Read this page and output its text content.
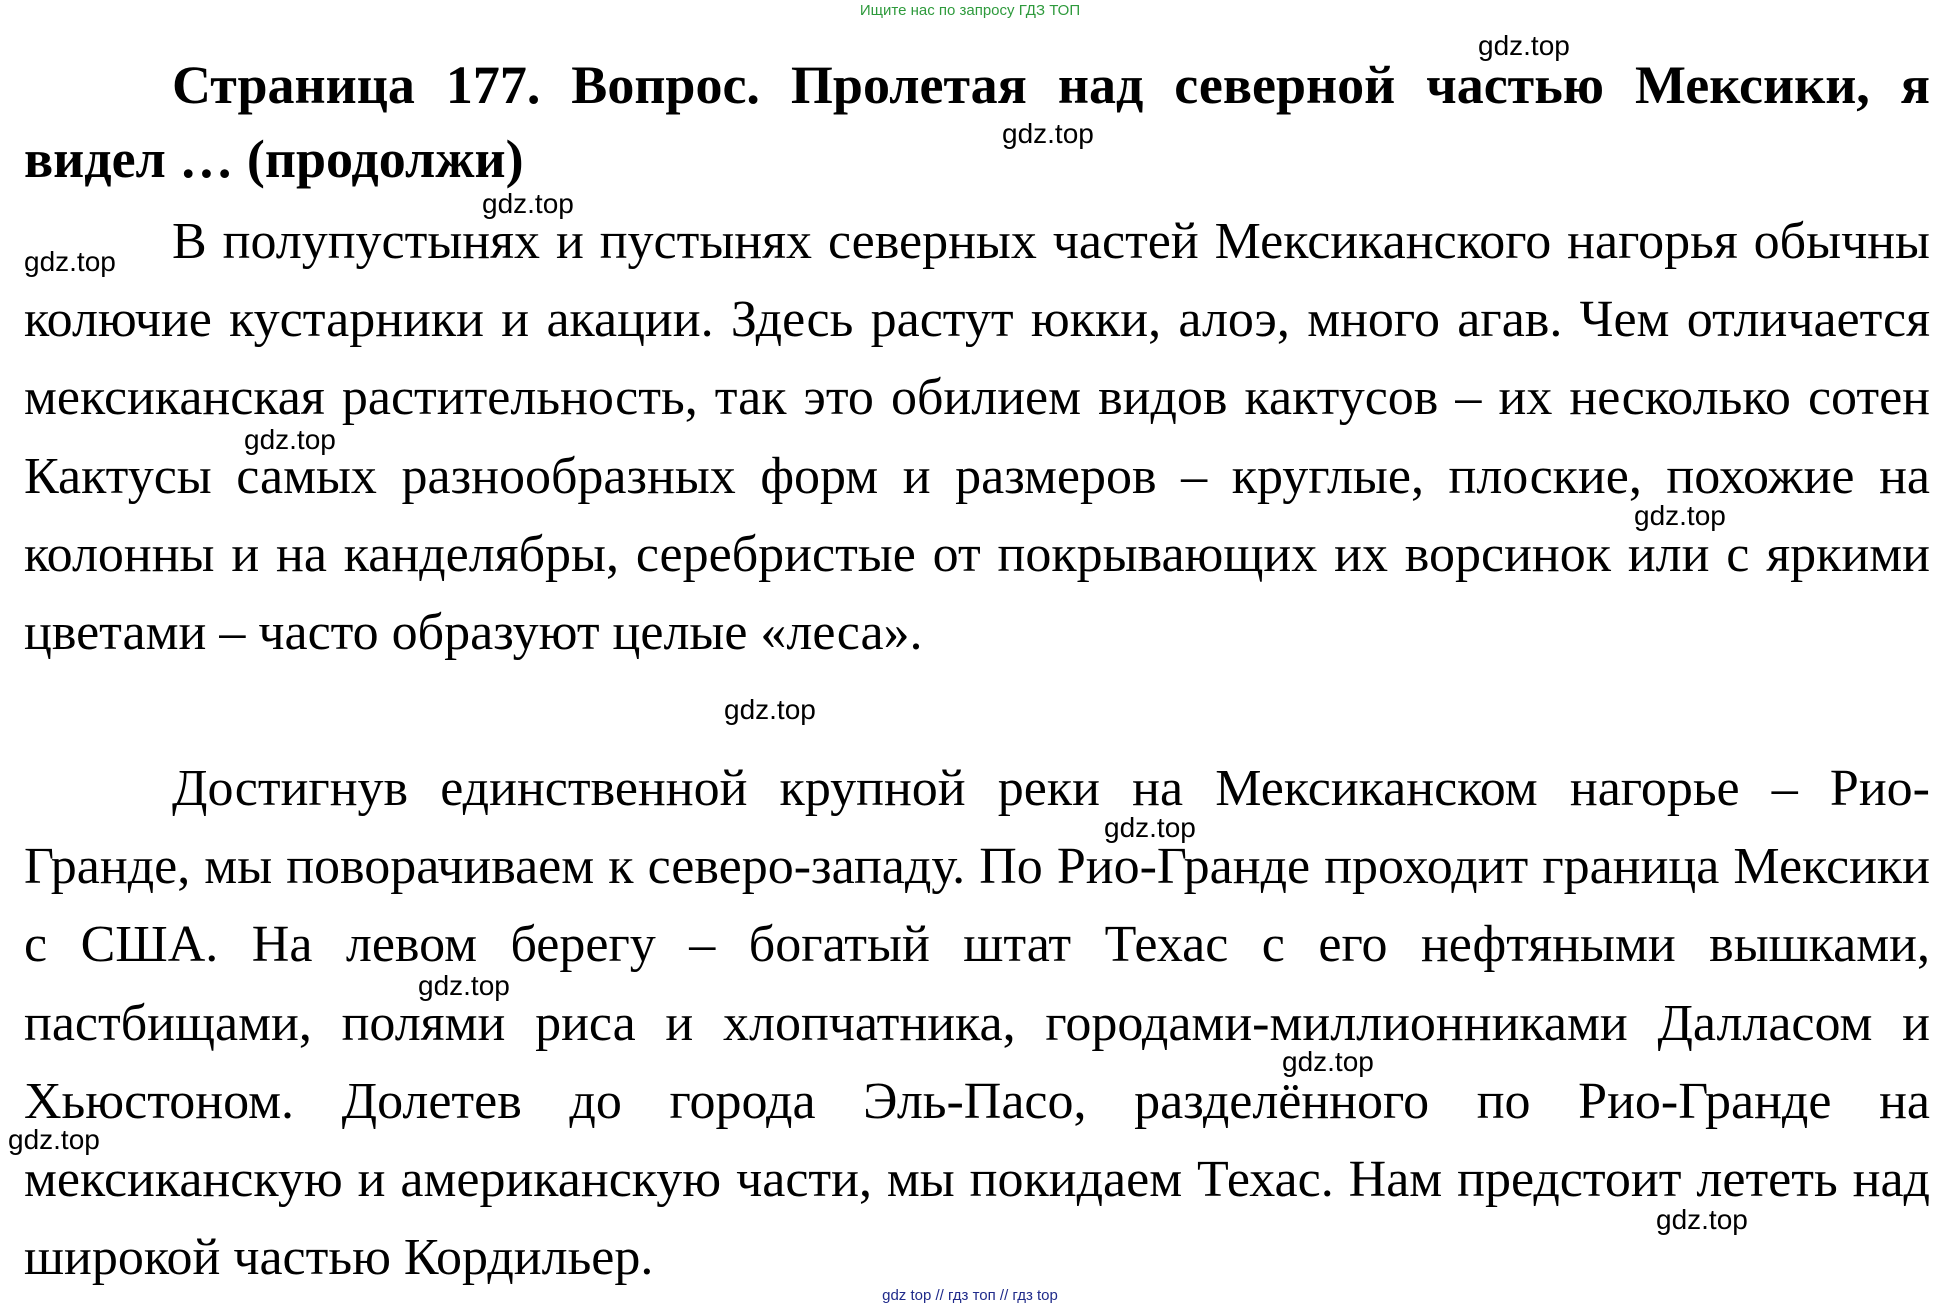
Ищите нас по запросу ГДЗ ТОП
Страница 177. Вопрос. Пролетая над северной частью Мексики, я видел … (продолжи)

В полупустынях и пустынях северных частей Мексиканского нагорья обычны колючие кустарники и акации. Здесь растут юкки, алоэ, много агав. Чем отличается мексиканская растительность, так это обилием видов кактусов – их несколько сотен Кактусы самых разнообразных форм и размеров – круглые, плоские, похожие на колонны и на канделябры, серебристые от покрывающих их ворсинок или с яркими цветами – часто образуют целые «леса».

Достигнув единственной крупной реки на Мексиканском нагорье – Рио-Гранде, мы поворачиваем к северо-западу. По Рио-Гранде проходит граница Мексики с США. На левом берегу – богатый штат Техас с его нефтяными вышками, пастбищами, полями риса и хлопчатника, городами-миллионниками Далласом и Хьюстоном. Долетев до города Эль-Пасо, разделённого по Рио-Гранде на мексиканскую и американскую части, мы покидаем Техас. Нам предстоит лететь над широкой частью Кордильер.

gdz.top
gdz.top
gdz.top
gdz.top
gdz.top
gdz.top
gdz.top
gdz.top
gdz.top
gdz.top
gdz.top
gdz.top
gdz top // гдз топ // гдз top
